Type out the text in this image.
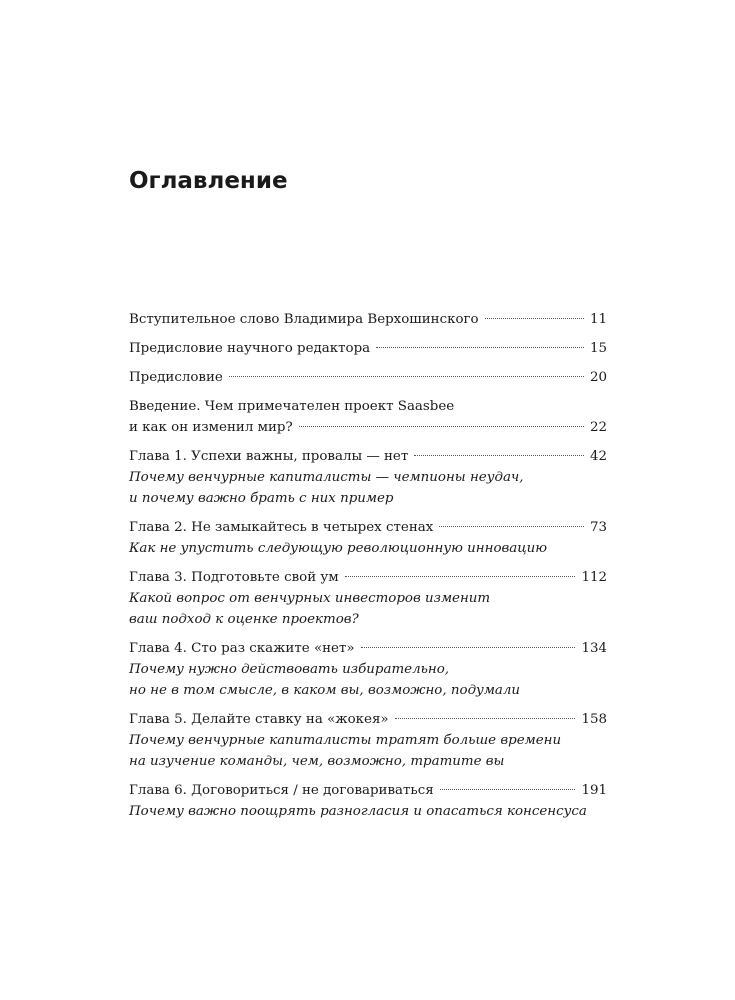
Оглавление
Вступительное слово Владимира Верхошинского	11
Предисловие научного редактора	15
Предисловие	20
Введение. Чем примечателен проект Saasbee
и как он изменил мир?	22
Глава 1. Успехи важны, провалы — нет	42
Почему венчурные капиталисты — чемпионы неудач,
и почему важно брать с них пример
Глава 2. Не замыкайтесь в четырех стенах	73
Как не упустить следующую революционную инновацию
Глава 3. Подготовьте свой ум	112
Какой вопрос от венчурных инвесторов изменит
ваш подход к оценке проектов?
Глава 4. Сто раз скажите «нет»	134
Почему нужно действовать избирательно,
но не в том смысле, в каком вы, возможно, подумали
Глава 5. Делайте ставку на «жокея»	158
Почему венчурные капиталисты тратят больше времени
на изучение команды, чем, возможно, тратите вы
Глава 6. Договориться / не договариваться	191
Почему важно поощрять разногласия и опасаться консенсуса
